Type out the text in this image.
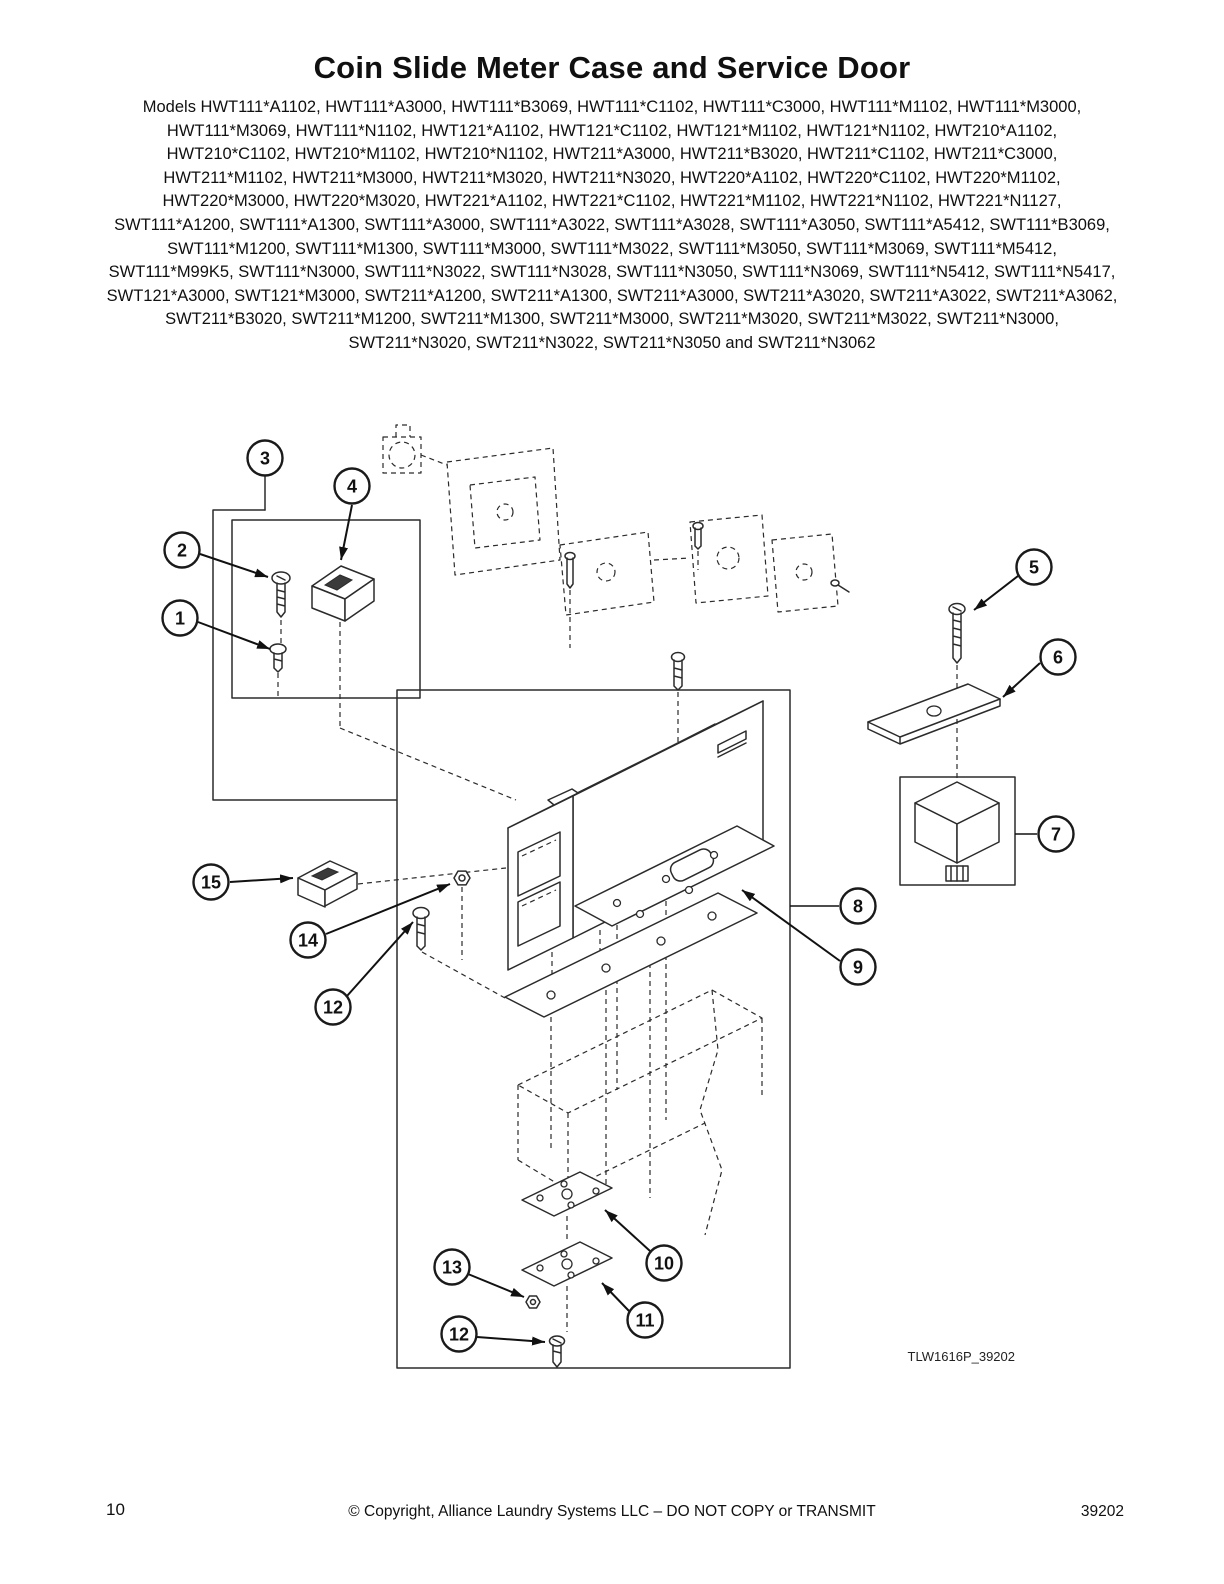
Coin Slide Meter Case and Service Door

Models HWT111*A1102, HWT111*A3000, HWT111*B3069, HWT111*C1102, HWT111*C3000, HWT111*M1102, HWT111*M3000, HWT111*M3069, HWT111*N1102, HWT121*A1102, HWT121*C1102, HWT121*M1102, HWT121*N1102, HWT210*A1102, HWT210*C1102, HWT210*M1102, HWT210*N1102, HWT211*A3000, HWT211*B3020, HWT211*C1102, HWT211*C3000, HWT211*M1102, HWT211*M3000, HWT211*M3020, HWT211*N3020, HWT220*A1102, HWT220*C1102, HWT220*M1102, HWT220*M3000, HWT220*M3020, HWT221*A1102, HWT221*C1102, HWT221*M1102, HWT221*N1102, HWT221*N1127, SWT111*A1200, SWT111*A1300, SWT111*A3000, SWT111*A3022, SWT111*A3028, SWT111*A3050, SWT111*A5412, SWT111*B3069, SWT111*M1200, SWT111*M1300, SWT111*M3000, SWT111*M3022, SWT111*M3050, SWT111*M3069, SWT111*M5412, SWT111*M99K5, SWT111*N3000, SWT111*N3022, SWT111*N3028, SWT111*N3050, SWT111*N3069, SWT111*N5412, SWT111*N5417, SWT121*A3000, SWT121*M3000, SWT211*A1200, SWT211*A1300, SWT211*A3000, SWT211*A3020, SWT211*A3022, SWT211*A3062, SWT211*B3020, SWT211*M1200, SWT211*M1300, SWT211*M3000, SWT211*M3020, SWT211*M3022, SWT211*N3000, SWT211*N3020, SWT211*N3022, SWT211*N3050 and SWT211*N3062

1
2
3
4
5
6
7
8
9
10
11
12
12
13
14
15
TLW1616P_39202
10	© Copyright, Alliance Laundry Systems LLC – DO NOT COPY or TRANSMIT	39202
